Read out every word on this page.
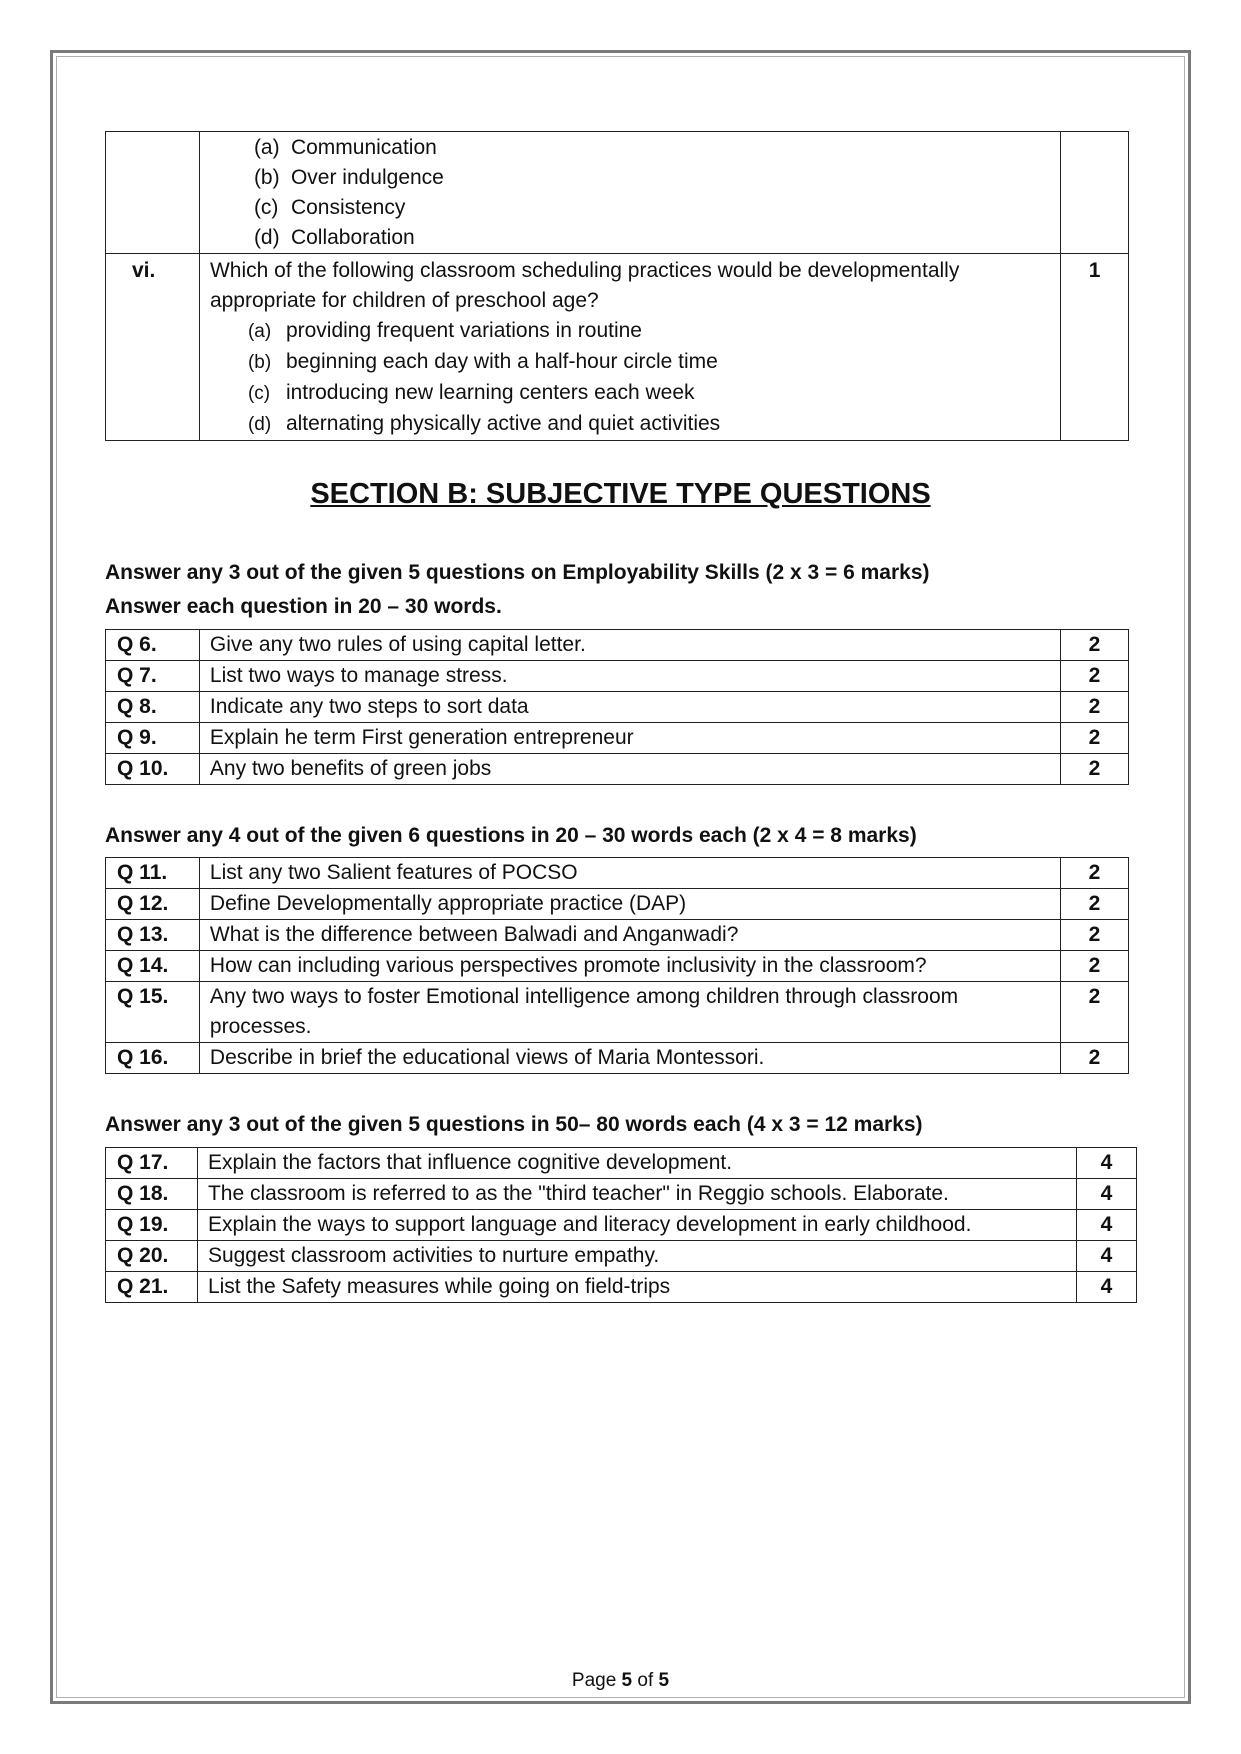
	(a) Communication
(b) Over indulgence
(c) Consistency
(d) Collaboration	

vi.	Which of the following classroom scheduling practices would be developmentally appropriate for children of preschool age?
(a) providing frequent variations in routine
(b) beginning each day with a half-hour circle time
(c) introducing new learning centers each week
(d) alternating physically active and quiet activities	1
SECTION B: SUBJECTIVE TYPE QUESTIONS

Answer any 3 out of the given 5 questions on Employability Skills (2 x 3 = 6 marks)

Answer each question in 20 – 30 words.

Q 6.	Give any two rules of using capital letter.	2
Q 7.	List two ways to manage stress.	2
Q 8.	Indicate any two steps to sort data	2
Q 9.	Explain he term First generation entrepreneur	2
Q 10.	Any two benefits of green jobs	2

Answer any 4 out of the given 6 questions in 20 – 30 words each (2 x 4 = 8 marks)

Q 11.	List any two Salient features of POCSO	2
Q 12.	Define Developmentally appropriate practice (DAP)	2
Q 13.	What is the difference between Balwadi and Anganwadi?	2
Q 14.	How can including various perspectives promote inclusivity in the classroom?	2
Q 15.	Any two ways to foster Emotional intelligence among children through classroom processes.	2
Q 16.	Describe in brief the educational views of Maria Montessori.	2

Answer any 3 out of the given 5 questions in 50– 80 words each (4 x 3 = 12 marks)

Q 17.	Explain the factors that influence cognitive development.	4
Q 18.	The classroom is referred to as the "third teacher" in Reggio schools. Elaborate.	4
Q 19.	Explain the ways to support language and literacy development in early childhood.	4
Q 20.	Suggest classroom activities to nurture empathy.	4
Q 21.	List the Safety measures while going on field-trips	4
Page 5 of 5
